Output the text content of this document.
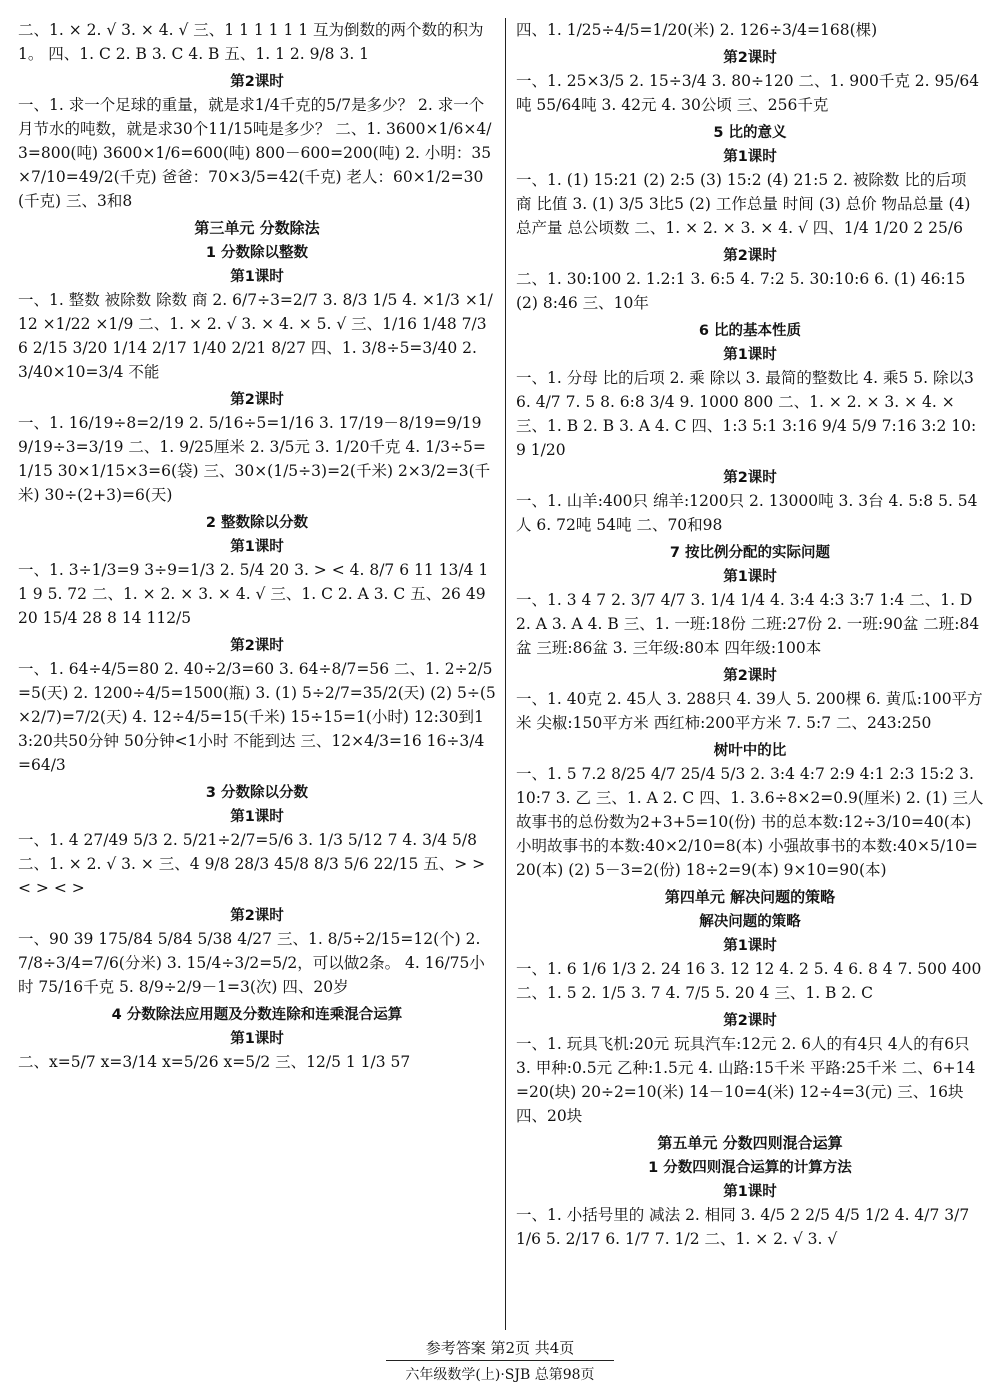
二、1. × 2. √ 3. × 4. √ 三、1 1 1 1 1 1 互为倒数的两个数的积为1。 四、1. C 2. B 3. C 4. B 五、1. 1 2. 9/8 3. 1
第2课时
一、1. 求一个足球的重量，就是求1/4千克的5/7是多少？ 2. 求一个月节水的吨数，就是求30个11/15吨是多少？ 二、1. 3600×1/6×4/3=800(吨) 3600×1/6=600(吨) 800－600=200(吨) 2. 小明：35×7/10=49/2(千克) 爸爸：70×3/5=42(千克) 老人：60×1/2=30(千克) 三、3和8
第三单元 分数除法
1 分数除以整数
第1课时
一、1. 整数 被除数 除数 商 2. 6/7÷3=2/7 3. 8/3 1/5 4. ×1/3 ×1/12 ×1/22 ×1/9 二、1. × 2. √ 3. × 4. × 5. √ 三、1/16 1/48 7/36 2/15 3/20 1/14 2/17 1/40 2/21 8/27 四、1. 3/8÷5=3/40 2. 3/40×10=3/4 不能
第2课时
一、1. 16/19÷8=2/19 2. 5/16÷5=1/16 3. 17/19－8/19=9/19 9/19÷3=3/19 二、1. 9/25厘米 2. 3/5元 3. 1/20千克 4. 1/3÷5=1/15 30×1/15×3=6(袋) 三、30×(1/5÷3)=2(千米) 2×3/2=3(千米) 30÷(2+3)=6(天)
2 整数除以分数
第1课时
一、1. 3÷1/3=9 3÷9=1/3 2. 5/4 20 3. > < 4. 8/7 6 11 13/4 11 9 5. 72 二、1. × 2. × 3. × 4. √ 三、1. C 2. A 3. C 五、26 49 20 15/4 28 8 14 112/5
第2课时
一、1. 64÷4/5=80 2. 40÷2/3=60 3. 64÷8/7=56 二、1. 2÷2/5=5(天) 2. 1200÷4/5=1500(瓶) 3. (1) 5÷2/7=35/2(天) (2) 5÷(5×2/7)=7/2(天) 4. 12÷4/5=15(千米) 15÷15=1(小时) 12:30到13:20共50分钟 50分钟<1小时 不能到达 三、12×4/3=16 16÷3/4=64/3
3 分数除以分数
第1课时
一、1. 4 27/49 5/3 2. 5/21÷2/7=5/6 3. 1/3 5/12 7 4. 3/4 5/8 二、1. × 2. √ 3. × 三、4 9/8 28/3 45/8 8/3 5/6 22/15 五、> > < > < >
第2课时
一、90 39 175/84 5/84 5/38 4/27 三、1. 8/5÷2/15=12(个) 2. 7/8÷3/4=7/6(分米) 3. 15/4÷3/2=5/2，可以做2条。 4. 16/75小时 75/16千克 5. 8/9÷2/9－1=3(次) 四、20岁
4 分数除法应用题及分数连除和连乘混合运算
第1课时
二、x=5/7 x=3/14 x=5/26 x=5/2 三、12/5 1 1/3 57
四、1. 1/25÷4/5=1/20(米) 2. 126÷3/4=168(棵)
第2课时
一、1. 25×3/5 2. 15÷3/4 3. 80÷120 二、1. 900千克 2. 95/64吨 55/64吨 3. 42元 4. 30公顷 三、256千克
5 比的意义
第1课时
一、1. (1) 15:21 (2) 2:5 (3) 15:2 (4) 21:5 2. 被除数 比的后项 商 比值 3. (1) 3/5 3比5 (2) 工作总量 时间 (3) 总价 物品总量 (4) 总产量 总公顷数 二、1. × 2. × 3. × 4. √ 四、1/4 1/20 2 25/6
第2课时
二、1. 30:100 2. 1.2:1 3. 6:5 4. 7:2 5. 30:10:6 6. (1) 46:15 (2) 8:46 三、10年
6 比的基本性质
第1课时
一、1. 分母 比的后项 2. 乘 除以 3. 最简的整数比 4. 乘5 5. 除以3 6. 4/7 7. 5 8. 6:8 3/4 9. 1000 800 二、1. × 2. × 3. × 4. × 三、1. B 2. B 3. A 4. C 四、1:3 5:1 3:16 9/4 5/9 7:16 3:2 10:9 1/20
第2课时
一、1. 山羊:400只 绵羊:1200只 2. 13000吨 3. 3台 4. 5:8 5. 54人 6. 72吨 54吨 二、70和98
7 按比例分配的实际问题
第1课时
一、1. 3 4 7 2. 3/7 4/7 3. 1/4 1/4 4. 3:4 4:3 3:7 1:4 二、1. D 2. A 3. A 4. B 三、1. 一班:18份 二班:27份 2. 一班:90盆 二班:84盆 三班:86盆 3. 三年级:80本 四年级:100本
第2课时
一、1. 40克 2. 45人 3. 288只 4. 39人 5. 200棵 6. 黄瓜:100平方米 尖椒:150平方米 西红柿:200平方米 7. 5:7 二、243:250
树叶中的比
一、1. 5 7.2 8/25 4/7 25/4 5/3 2. 3:4 4:7 2:9 4:1 2:3 15:2 3. 10:7 3. 乙 三、1. A 2. C 四、1. 3.6÷8×2=0.9(厘米) 2. (1) 三人故事书的总份数为2+3+5=10(份) 书的总本数:12÷3/10=40(本) 小明故事书的本数:40×2/10=8(本) 小强故事书的本数:40×5/10=20(本) (2) 5－3=2(份) 18÷2=9(本) 9×10=90(本)
第四单元 解决问题的策略
解决问题的策略
第1课时
一、1. 6 1/6 1/3 2. 24 16 3. 12 12 4. 2 5. 4 6. 8 4 7. 500 400 二、1. 5 2. 1/5 3. 7 4. 7/5 5. 20 4 三、1. B 2. C
第2课时
一、1. 玩具飞机:20元 玩具汽车:12元 2. 6人的有4只 4人的有6只 3. 甲种:0.5元 乙种:1.5元 4. 山路:15千米 平路:25千米 二、6+14=20(块) 20÷2=10(米) 14－10=4(米) 12÷4=3(元) 三、16块 四、20块
第五单元 分数四则混合运算
1 分数四则混合运算的计算方法
第1课时
一、1. 小括号里的 减法 2. 相同 3. 4/5 2 2/5 4/5 1/2 4. 4/7 3/7 1/6 5. 2/17 6. 1/7 7. 1/2 二、1. × 2. √ 3. √
参考答案 第2页 共4页
六年级数学(上)·SJB 总第98页
